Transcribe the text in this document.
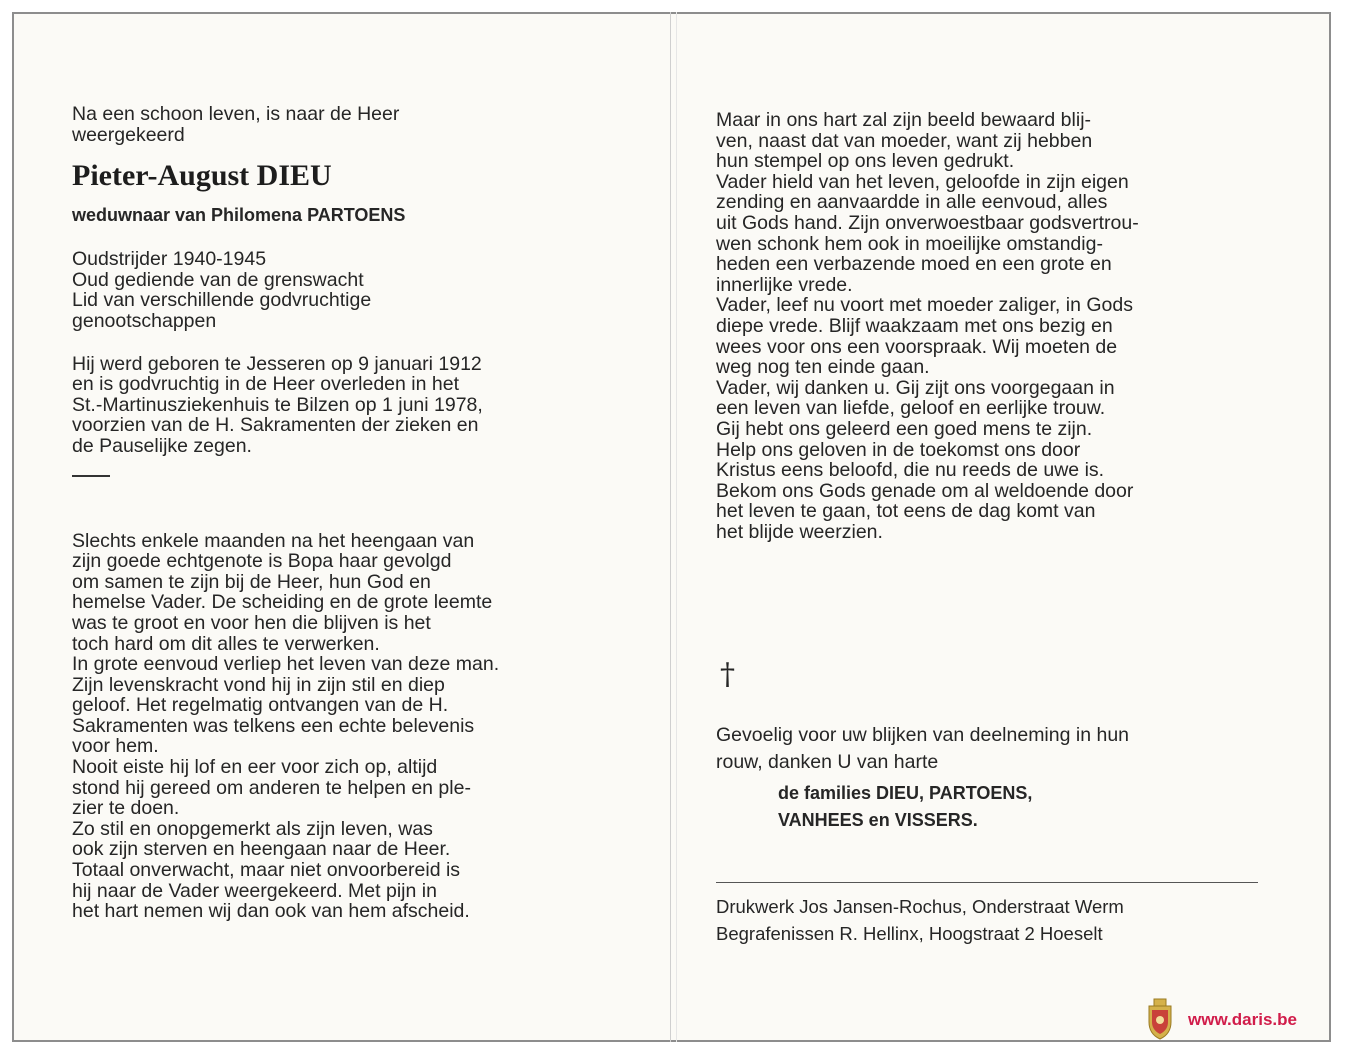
Na een schoon leven, is naar de Heer

weergekeerd

Pieter-August DIEU
weduwnaar van Philomena PARTOENS

Oudstrijder 1940-1945

Oud gediende van de grenswacht

Lid van verschillende godvruchtige

genootschappen

Hij werd geboren te Jesseren op 9 januari 1912

en is godvruchtig in de Heer overleden in het

St.-Martinusziekenhuis te Bilzen op 1 juni 1978,

voorzien van de H. Sakramenten der zieken en

de Pauselijke zegen.

Slechts enkele maanden na het heengaan van

zijn goede echtgenote is Bopa haar gevolgd

om samen te zijn bij de Heer, hun God en

hemelse Vader. De scheiding en de grote leemte

was te groot en voor hen die blijven is het

toch hard om dit alles te verwerken.

In grote eenvoud verliep het leven van deze man.

Zijn levenskracht vond hij in zijn stil en diep

geloof. Het regelmatig ontvangen van de H.

Sakramenten was telkens een echte belevenis

voor hem.

Nooit eiste hij lof en eer voor zich op, altijd

stond hij gereed om anderen te helpen en ple-

zier te doen.

Zo stil en onopgemerkt als zijn leven, was

ook zijn sterven en heengaan naar de Heer.

Totaal onverwacht, maar niet onvoorbereid is

hij naar de Vader weergekeerd. Met pijn in

het hart nemen wij dan ook van hem afscheid.

Maar in ons hart zal zijn beeld bewaard blij-

ven, naast dat van moeder, want zij hebben

hun stempel op ons leven gedrukt.

Vader hield van het leven, geloofde in zijn eigen

zending en aanvaardde in alle eenvoud, alles

uit Gods hand. Zijn onverwoestbaar godsvertrou-

wen schonk hem ook in moeilijke omstandig-

heden een verbazende moed en een grote en

innerlijke vrede.

Vader, leef nu voort met moeder zaliger, in Gods

diepe vrede. Blijf waakzaam met ons bezig en

wees voor ons een voorspraak. Wij moeten de

weg nog ten einde gaan.

Vader, wij danken u. Gij zijt ons voorgegaan in

een leven van liefde, geloof en eerlijke trouw.

Gij hebt ons geleerd een goed mens te zijn.

Help ons geloven in de toekomst ons door

Kristus eens beloofd, die nu reeds de uwe is.

Bekom ons Gods genade om al weldoende door

het leven te gaan, tot eens de dag komt van

het blijde weerzien.

†

Gevoelig voor uw blijken van deelneming in hun

rouw, danken U van harte

de families DIEU, PARTOENS,
VANHEES en VISSERS.
Drukwerk Jos Jansen-Rochus, Onderstraat Werm
Begrafenissen R. Hellinx, Hoogstraat 2 Hoeselt
www.daris.be
